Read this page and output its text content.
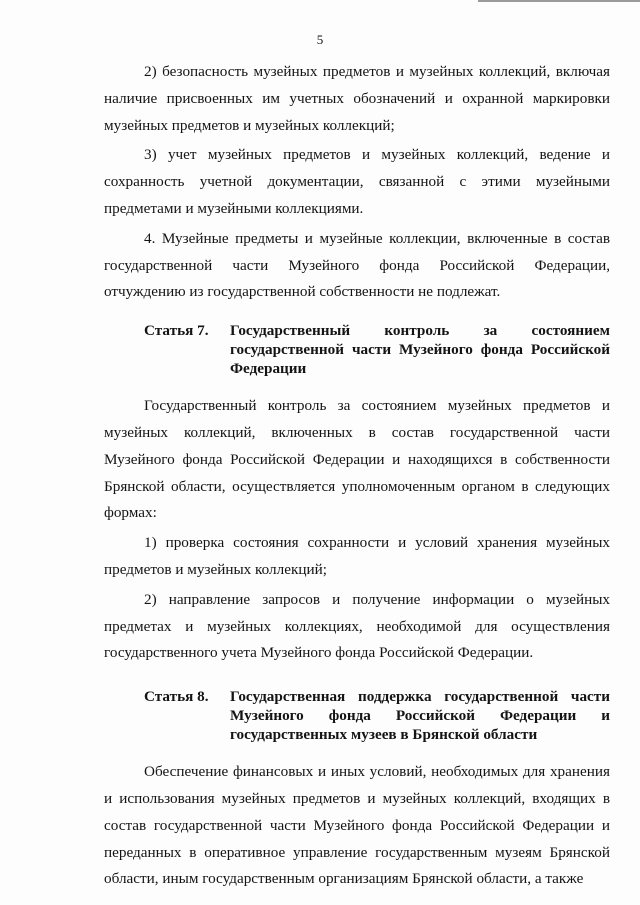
5

2) безопасность музейных предметов и музейных коллекций, включая наличие присвоенных им учетных обозначений и охранной маркировки музейных предметов и музейных коллекций;

3) учет музейных предметов и музейных коллекций, ведение и сохранность учетной документации, связанной с этими музейными предметами и музейными коллекциями.

4. Музейные предметы и музейные коллекции, включенные в состав государственной части Музейного фонда Российской Федерации, отчуждению из государственной собственности не подлежат.

Статья 7.	Государственный контроль за состоянием государственной части Музейного фонда Российской Федерации

Государственный контроль за состоянием музейных предметов и музейных коллекций, включенных в состав государственной части Музейного фонда Российской Федерации и находящихся в собственности Брянской области, осуществляется уполномоченным органом в следующих формах:

1) проверка состояния сохранности и условий хранения музейных предметов и музейных коллекций;

2) направление запросов и получение информации о музейных предметах и музейных коллекциях, необходимой для осуществления государственного учета Музейного фонда Российской Федерации.

Статья 8.	Государственная поддержка государственной части Музейного фонда Российской Федерации и государственных музеев в Брянской области

Обеспечение финансовых и иных условий, необходимых для хранения и использования музейных предметов и музейных коллекций, входящих в состав государственной части Музейного фонда Российской Федерации и переданных в оперативное управление государственным музеям Брянской области, иным государственным организациям Брянской области, а также
